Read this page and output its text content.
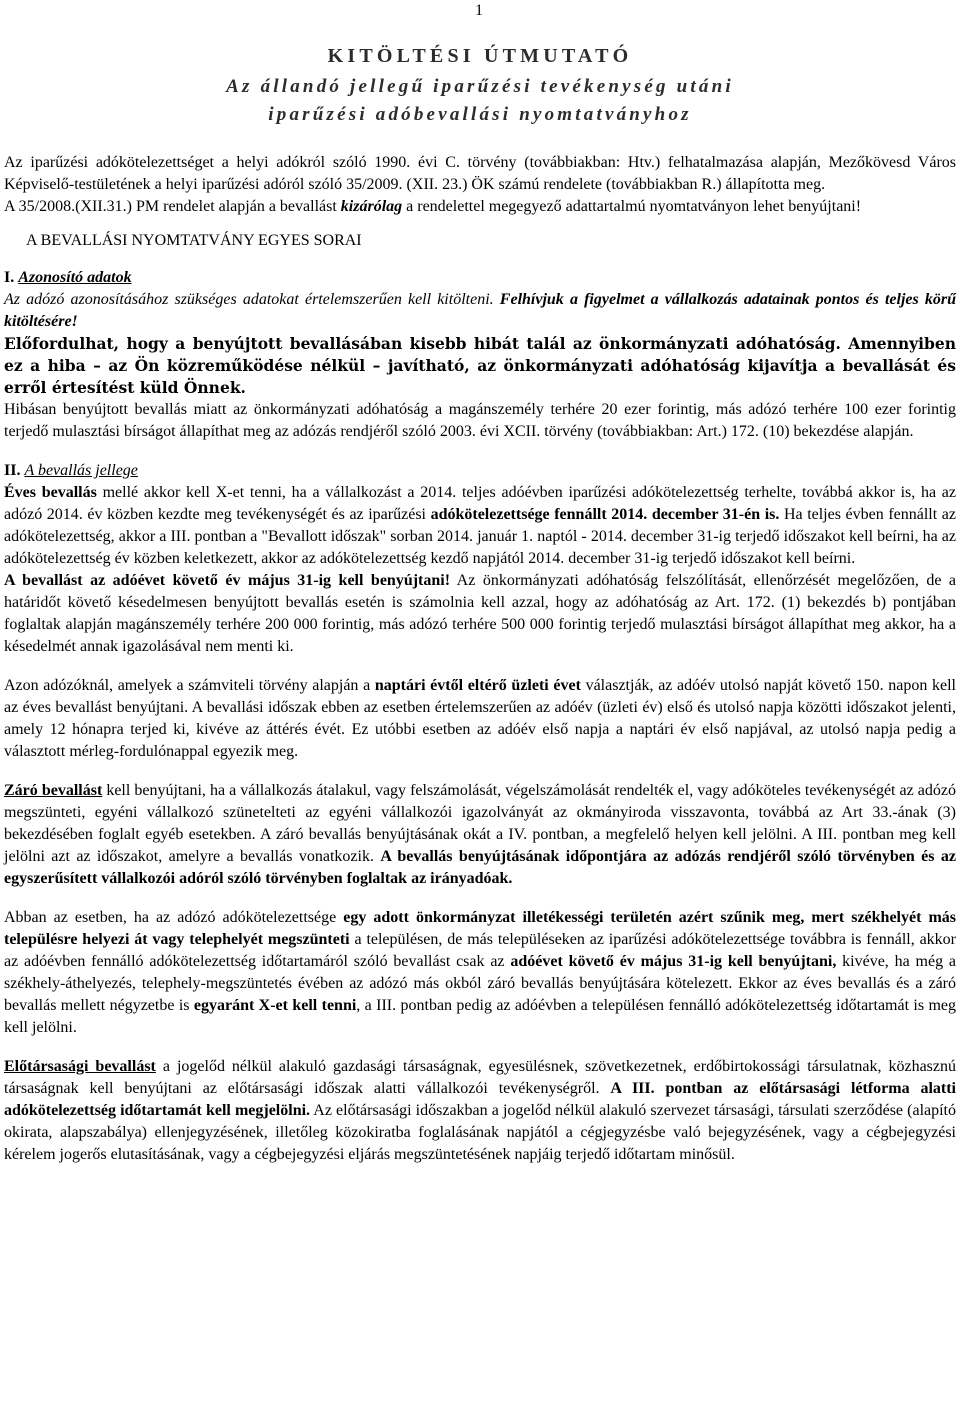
1
KITÖLTÉSI ÚTMUTATÓ
Az állandó jellegű iparűzési tevékenység utáni
iparűzési adóbevallási nyomtatványhoz

Az iparűzési adókötelezettséget a helyi adókról szóló 1990. évi C. törvény (továbbiakban: Htv.) felhatalmazása alapján, Mezőkövesd Város Képviselő-testületének a helyi iparűzési adóról szóló 35/2009. (XII. 23.) ÖK számú rendelete (továbbiakban R.) állapította meg.

A 35/2008.(XII.31.) PM rendelet alapján a bevallást kizárólag a rendelettel megegyező adattartalmú nyomtatványon lehet benyújtani!

A BEVALLÁSI NYOMTATVÁNY EGYES SORAI

I. Azonosító adatok

Az adózó azonosításához szükséges adatokat értelemszerűen kell kitölteni. Felhívjuk a figyelmet a vállalkozás adatainak pontos és teljes körű kitöltésére!

Előfordulhat, hogy a benyújtott bevallásában kisebb hibát talál az önkormányzati adóhatóság. Amennyiben ez a hiba – az Ön közreműködése nélkül – javítható, az önkormányzati adóhatóság kijavítja a bevallását és erről értesítést küld Önnek.

Hibásan benyújtott bevallás miatt az önkormányzati adóhatóság a magánszemély terhére 20 ezer forintig, más adózó terhére 100 ezer forintig terjedő mulasztási bírságot állapíthat meg az adózás rendjéről szóló 2003. évi XCII. törvény (továbbiakban: Art.) 172. (10) bekezdése alapján.

II. A bevallás jellege

Éves bevallás mellé akkor kell X-et tenni, ha a vállalkozást a 2014. teljes adóévben iparűzési adókötelezettség terhelte, továbbá akkor is, ha az adózó 2014. év közben kezdte meg tevékenységét és az iparűzési adókötelezettsége fennállt 2014. december 31-én is. Ha teljes évben fennállt az adókötelezettség, akkor a III. pontban a "Bevallott időszak" sorban 2014. január 1. naptól - 2014. december 31-ig terjedő időszakot kell beírni, ha az adókötelezettség év közben keletkezett, akkor az adókötelezettség kezdő napjától 2014. december 31-ig terjedő időszakot kell beírni.

A bevallást az adóévet követő év május 31-ig kell benyújtani! Az önkormányzati adóhatóság felszólítását, ellenőrzését megelőzően, de a határidőt követő késedelmesen benyújtott bevallás esetén is számolnia kell azzal, hogy az adóhatóság az Art. 172. (1) bekezdés b) pontjában foglaltak alapján magánszemély terhére 200 000 forintig, más adózó terhére 500 000 forintig terjedő mulasztási bírságot állapíthat meg akkor, ha a késedelmét annak igazolásával nem menti ki.

Azon adózóknál, amelyek a számviteli törvény alapján a naptári évtől eltérő üzleti évet választják, az adóév utolsó napját követő 150. napon kell az éves bevallást benyújtani. A bevallási időszak ebben az esetben értelemszerűen az adóév (üzleti év) első és utolsó napja közötti időszakot jelenti, amely 12 hónapra terjed ki, kivéve az áttérés évét. Ez utóbbi esetben az adóév első napja a naptári év első napjával, az utolsó napja pedig a választott mérleg-fordulónappal egyezik meg.

Záró bevallást kell benyújtani, ha a vállalkozás átalakul, vagy felszámolását, végelszámolását rendelték el, vagy adóköteles tevékenységét az adózó megszünteti, egyéni vállalkozó szünetelteti az egyéni vállalkozói igazolványát az okmányiroda visszavonta, továbbá az Art 33.-ának (3) bekezdésében foglalt egyéb esetekben. A záró bevallás benyújtásának okát a IV. pontban, a megfelelő helyen kell jelölni. A III. pontban meg kell jelölni azt az időszakot, amelyre a bevallás vonatkozik. A bevallás benyújtásának időpontjára az adózás rendjéről szóló törvényben és az egyszerűsített vállalkozói adóról szóló törvényben foglaltak az irányadóak.

Abban az esetben, ha az adózó adókötelezettsége egy adott önkormányzat illetékességi területén azért szűnik meg, mert székhelyét más településre helyezi át vagy telephelyét megszünteti a településen, de más településeken az iparűzési adókötelezettsége továbbra is fennáll, akkor az adóévben fennálló adókötelezettség időtartamáról szóló bevallást csak az adóévet követő év május 31-ig kell benyújtani, kivéve, ha még a székhely-áthelyezés, telephely-megszüntetés évében az adózó más okból záró bevallás benyújtására kötelezett. Ekkor az éves bevallás és a záró bevallás mellett négyzetbe is egyaránt X-et kell tenni, a III. pontban pedig az adóévben a településen fennálló adókötelezettség időtartamát is meg kell jelölni.

Előtársasági bevallást a jogelőd nélkül alakuló gazdasági társaságnak, egyesülésnek, szövetkezetnek, erdőbirtokossági társulatnak, közhasznú társaságnak kell benyújtani az előtársasági időszak alatti vállalkozói tevékenységről. A III. pontban az előtársasági létforma alatti adókötelezettség időtartamát kell megjelölni. Az előtársasági időszakban a jogelőd nélkül alakuló szervezet társasági, társulati szerződése (alapító okirata, alapszabálya) ellenjegyzésének, illetőleg közokiratba foglalásának napjától a cégjegyzésbe való bejegyzésének, vagy a cégbejegyzési kérelem jogerős elutasításának, vagy a cégbejegyzési eljárás megszüntetésének napjáig terjedő időtartam minősül.
